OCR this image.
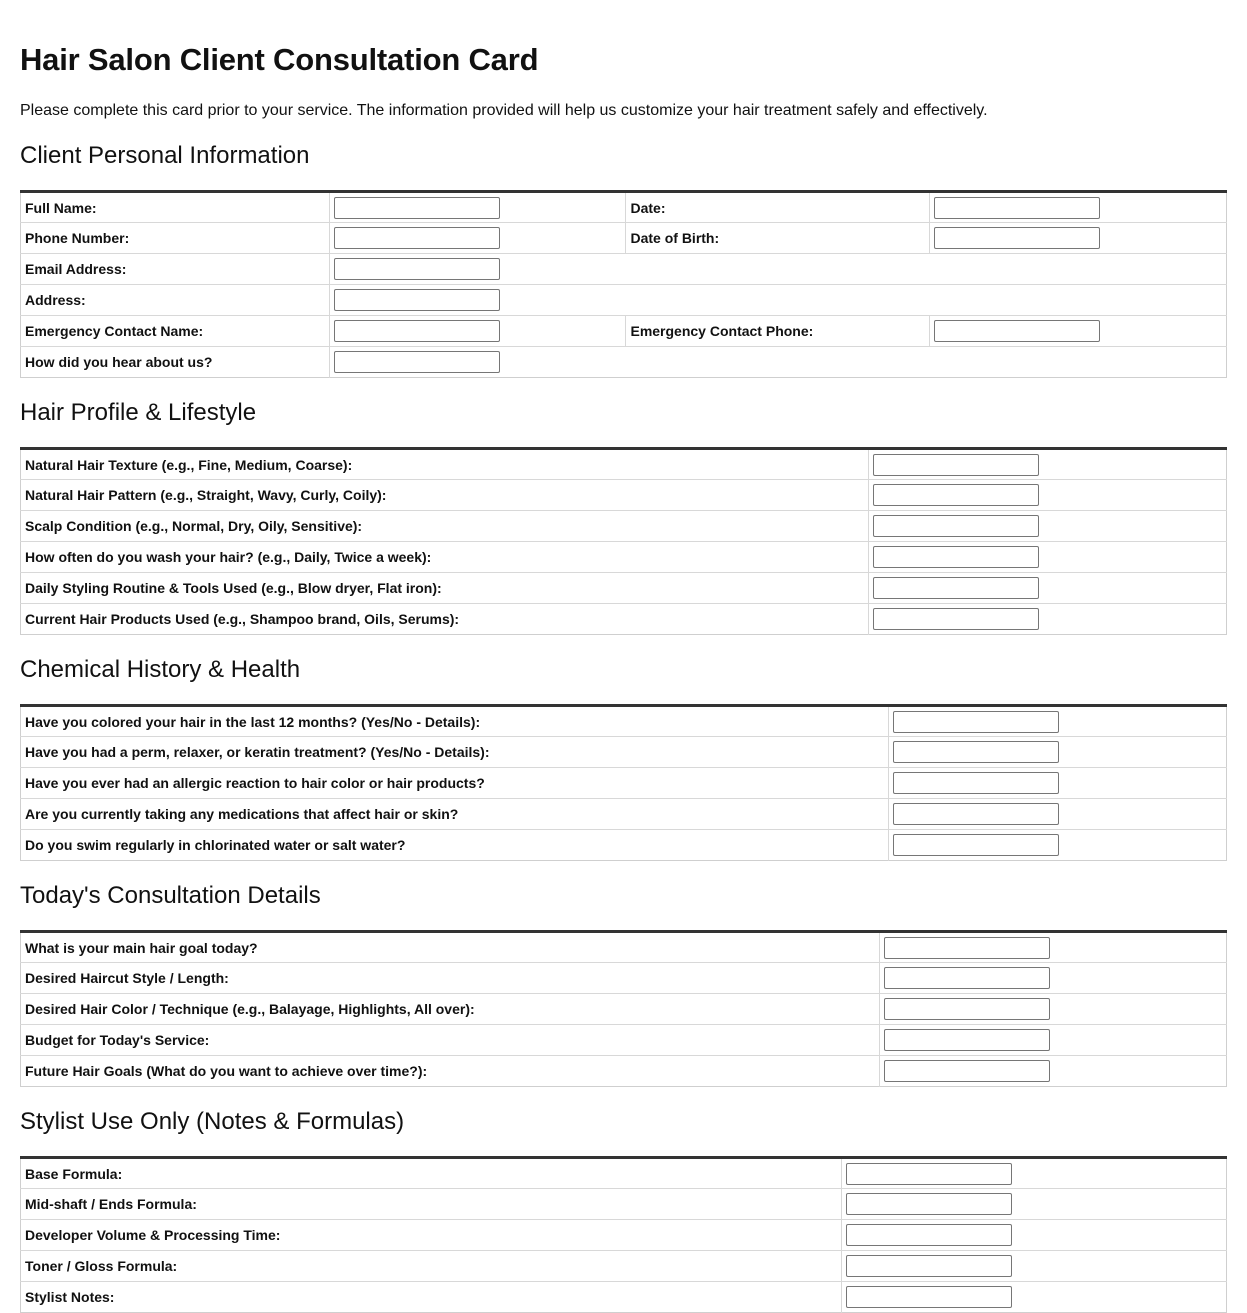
Hair Salon Client Consultation Card

Please complete this card prior to your service. The information provided will help us customize your hair treatment safely and effectively.

Client Personal Information
Full Name:		Date:	

Phone Number:		Date of Birth:	

Email Address:	

Address:	

Emergency Contact Name:		Emergency Contact Phone:	

How did you hear about us?	
Hair Profile & Lifestyle
Natural Hair Texture (e.g., Fine, Medium, Coarse):	

Natural Hair Pattern (e.g., Straight, Wavy, Curly, Coily):	

Scalp Condition (e.g., Normal, Dry, Oily, Sensitive):	

How often do you wash your hair? (e.g., Daily, Twice a week):	

Daily Styling Routine & Tools Used (e.g., Blow dryer, Flat iron):	

Current Hair Products Used (e.g., Shampoo brand, Oils, Serums):	
Chemical History & Health
Have you colored your hair in the last 12 months? (Yes/No - Details):	

Have you had a perm, relaxer, or keratin treatment? (Yes/No - Details):	

Have you ever had an allergic reaction to hair color or hair products?	

Are you currently taking any medications that affect hair or skin?	

Do you swim regularly in chlorinated water or salt water?	
Today's Consultation Details
What is your main hair goal today?	

Desired Haircut Style / Length:	

Desired Hair Color / Technique (e.g., Balayage, Highlights, All over):	

Budget for Today's Service:	

Future Hair Goals (What do you want to achieve over time?):	
Stylist Use Only (Notes & Formulas)
Base Formula:	

Mid-shaft / Ends Formula:	

Developer Volume & Processing Time:	

Toner / Gloss Formula:	

Stylist Notes:	
